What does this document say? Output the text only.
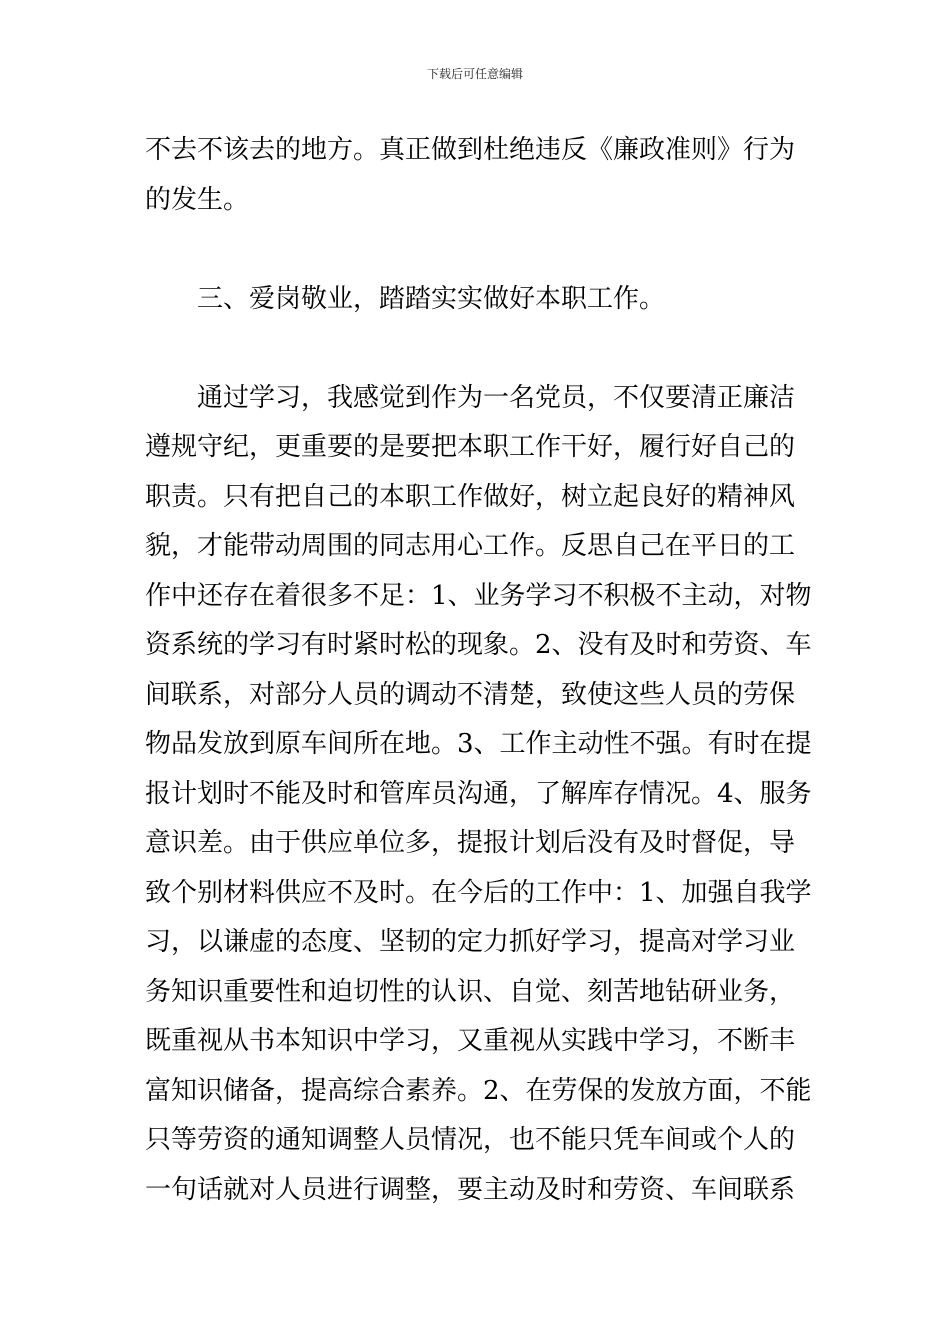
下载后可任意编辑
不去不该去的地方。真正做到杜绝违反《廉政准则》行为
的发生。
三、爱岗敬业，踏踏实实做好本职工作。
通过学习，我感觉到作为一名党员，不仅要清正廉洁
遵规守纪，更重要的是要把本职工作干好，履行好自己的
职责。只有把自己的本职工作做好，树立起良好的精神风
貌，才能带动周围的同志用心工作。反思自己在平日的工
作中还存在着很多不足：1、业务学习不积极不主动，对物
资系统的学习有时紧时松的现象。2、没有及时和劳资、车
间联系，对部分人员的调动不清楚，致使这些人员的劳保
物品发放到原车间所在地。3、工作主动性不强。有时在提
报计划时不能及时和管库员沟通，了解库存情况。4、服务
意识差。由于供应单位多，提报计划后没有及时督促，导
致个别材料供应不及时。在今后的工作中：1、加强自我学
习，以谦虚的态度、坚韧的定力抓好学习，提高对学习业
务知识重要性和迫切性的认识、自觉、刻苦地钻研业务，
既重视从书本知识中学习，又重视从实践中学习，不断丰
富知识储备，提高综合素养。2、在劳保的发放方面，不能
只等劳资的通知调整人员情况，也不能只凭车间或个人的
一句话就对人员进行调整，要主动及时和劳资、车间联系
